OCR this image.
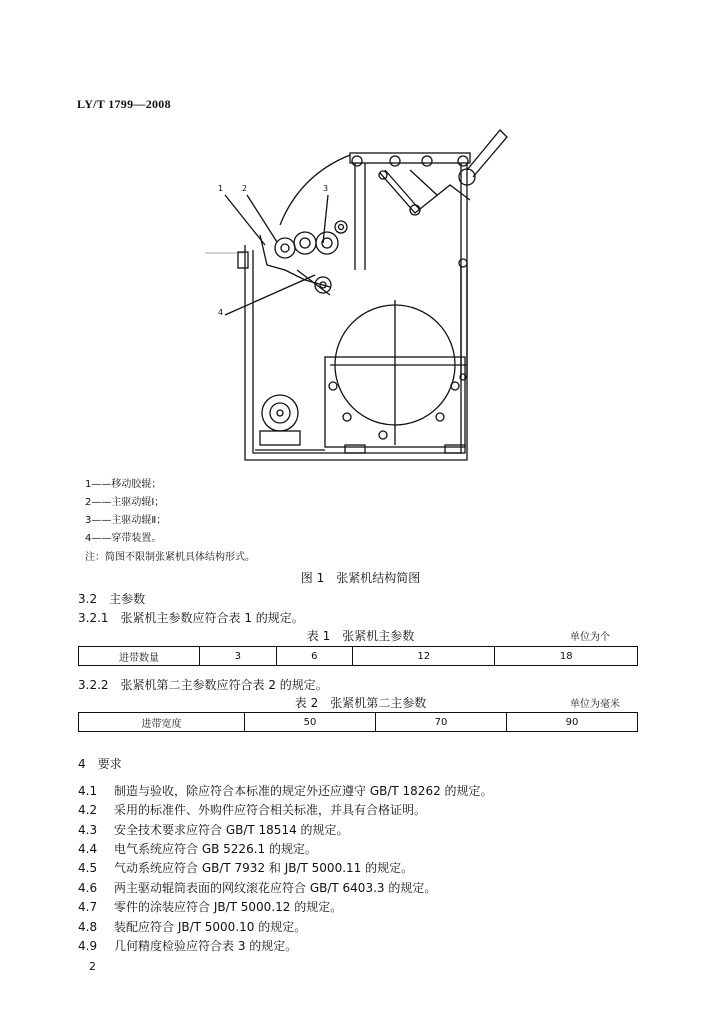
LY/T 1799—2008
1 2	3
4
1——移动胶辊；
2——主驱动辊Ⅰ；
3——主驱动辊Ⅱ；
4——穿带装置。
注：简图不限制张紧机具体结构形式。
图 1　张紧机结构简图
3.2　主参数
3.2.1　张紧机主参数应符合表 1 的规定。
表 1　张紧机主参数	单位为个
进带数量	3	6	12	18
3.2.2　张紧机第二主参数应符合表 2 的规定。
表 2　张紧机第二主参数	单位为毫米
进带宽度	50	70	90
4　要求
4.1 制造与验收，除应符合本标准的规定外还应遵守 GB/T 18262 的规定。
4.2 采用的标准件、外购件应符合相关标准，并具有合格证明。
4.3 安全技术要求应符合 GB/T 18514 的规定。
4.4 电气系统应符合 GB 5226.1 的规定。
4.5 气动系统应符合 GB/T 7932 和 JB/T 5000.11 的规定。
4.6 两主驱动辊筒表面的网纹滚花应符合 GB/T 6403.3 的规定。
4.7 零件的涂装应符合 JB/T 5000.12 的规定。
4.8 装配应符合 JB/T 5000.10 的规定。
4.9 几何精度检验应符合表 3 的规定。
2
